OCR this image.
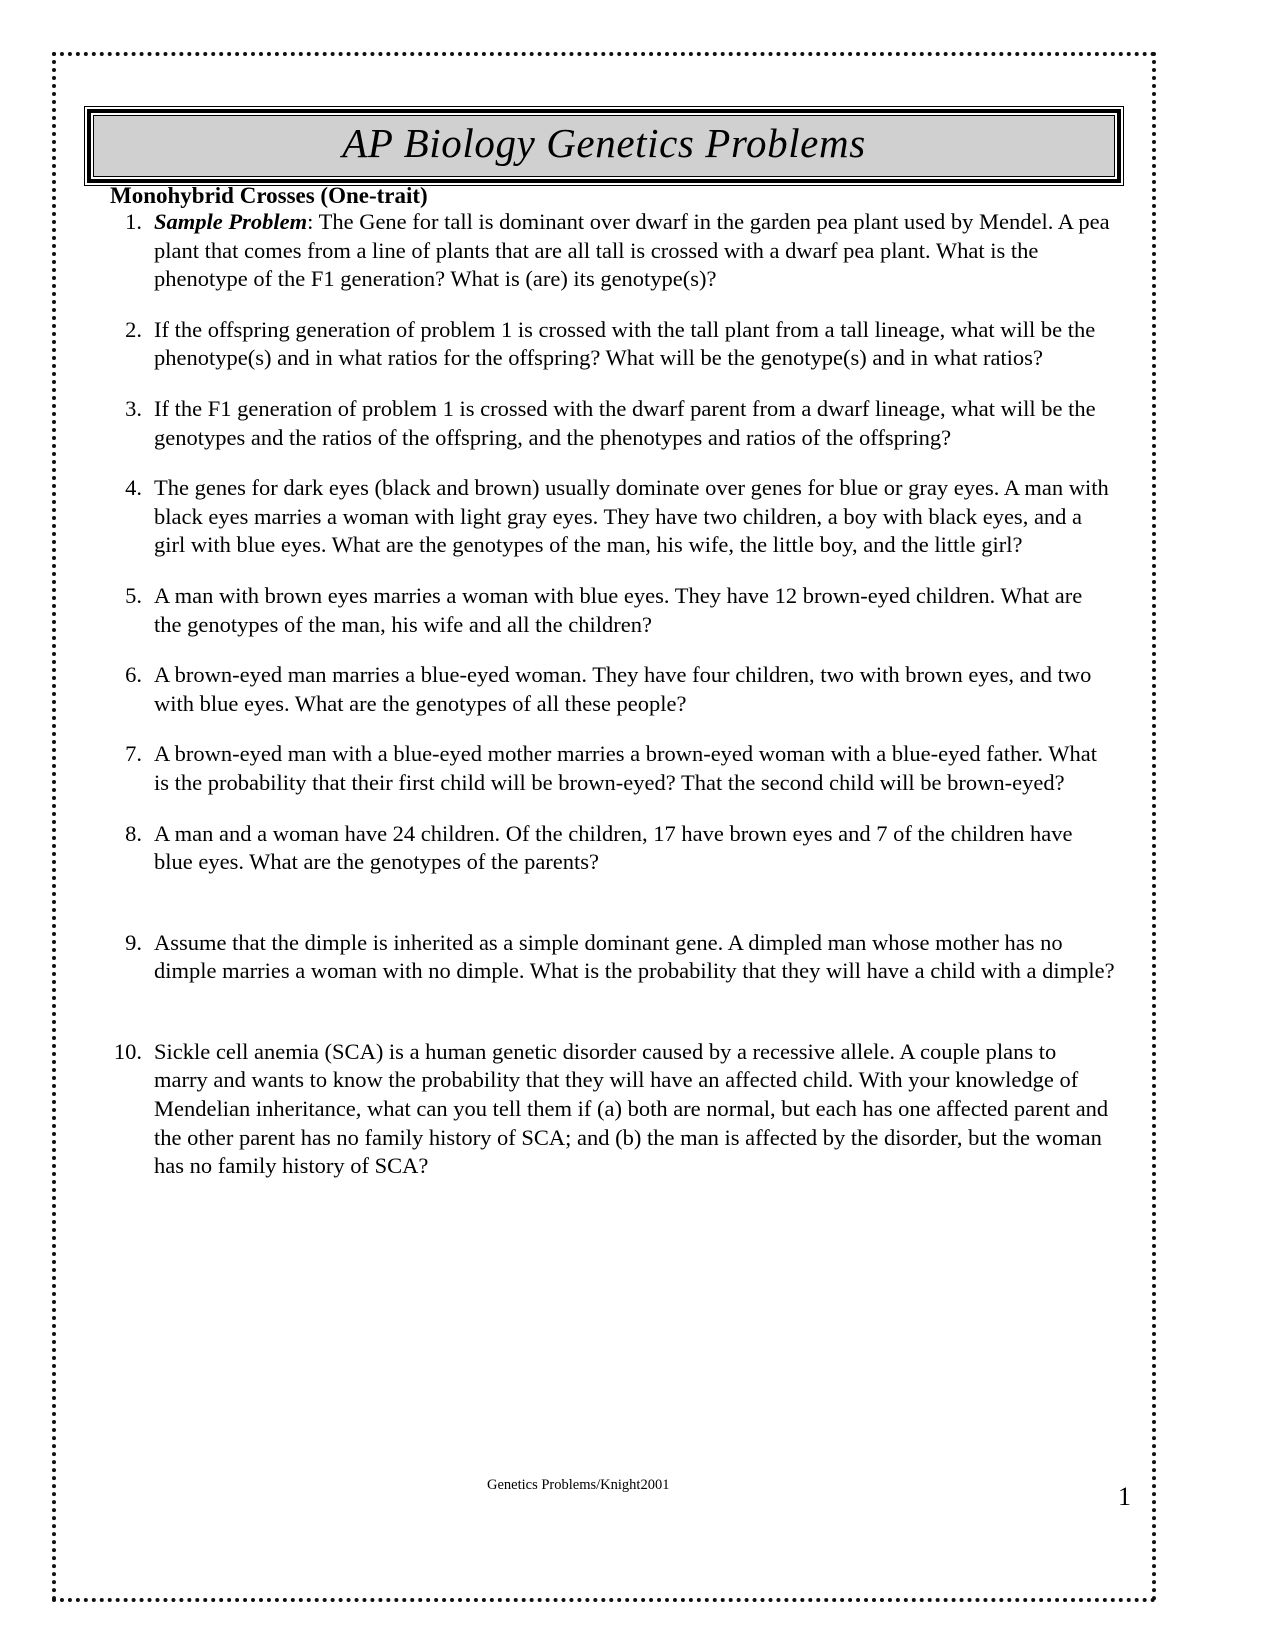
AP Biology Genetics Problems
Monohybrid Crosses (One-trait)
1. Sample Problem: The Gene for tall is dominant over dwarf in the garden pea plant used by Mendel. A pea plant that comes from a line of plants that are all tall is crossed with a dwarf pea plant. What is the phenotype of the F1 generation? What is (are) its genotype(s)?
2. If the offspring generation of problem 1 is crossed with the tall plant from a tall lineage, what will be the phenotype(s) and in what ratios for the offspring? What will be the genotype(s) and in what ratios?
3. If the F1 generation of problem 1 is crossed with the dwarf parent from a dwarf lineage, what will be the genotypes and the ratios of the offspring, and the phenotypes and ratios of the offspring?
4. The genes for dark eyes (black and brown) usually dominate over genes for blue or gray eyes. A man with black eyes marries a woman with light gray eyes. They have two children, a boy with black eyes, and a girl with blue eyes. What are the genotypes of the man, his wife, the little boy, and the little girl?
5. A man with brown eyes marries a woman with blue eyes. They have 12 brown-eyed children. What are the genotypes of the man, his wife and all the children?
6. A brown-eyed man marries a blue-eyed woman. They have four children, two with brown eyes, and two with blue eyes. What are the genotypes of all these people?
7. A brown-eyed man with a blue-eyed mother marries a brown-eyed woman with a blue-eyed father. What is the probability that their first child will be brown-eyed? That the second child will be brown-eyed?
8. A man and a woman have 24 children. Of the children, 17 have brown eyes and 7 of the children have blue eyes. What are the genotypes of the parents?
9. Assume that the dimple is inherited as a simple dominant gene. A dimpled man whose mother has no dimple marries a woman with no dimple. What is the probability that they will have a child with a dimple?
10. Sickle cell anemia (SCA) is a human genetic disorder caused by a recessive allele. A couple plans to marry and wants to know the probability that they will have an affected child. With your knowledge of Mendelian inheritance, what can you tell them if (a) both are normal, but each has one affected parent and the other parent has no family history of SCA; and (b) the man is affected by the disorder, but the woman has no family history of SCA?
Genetics Problems/Knight2001	1
